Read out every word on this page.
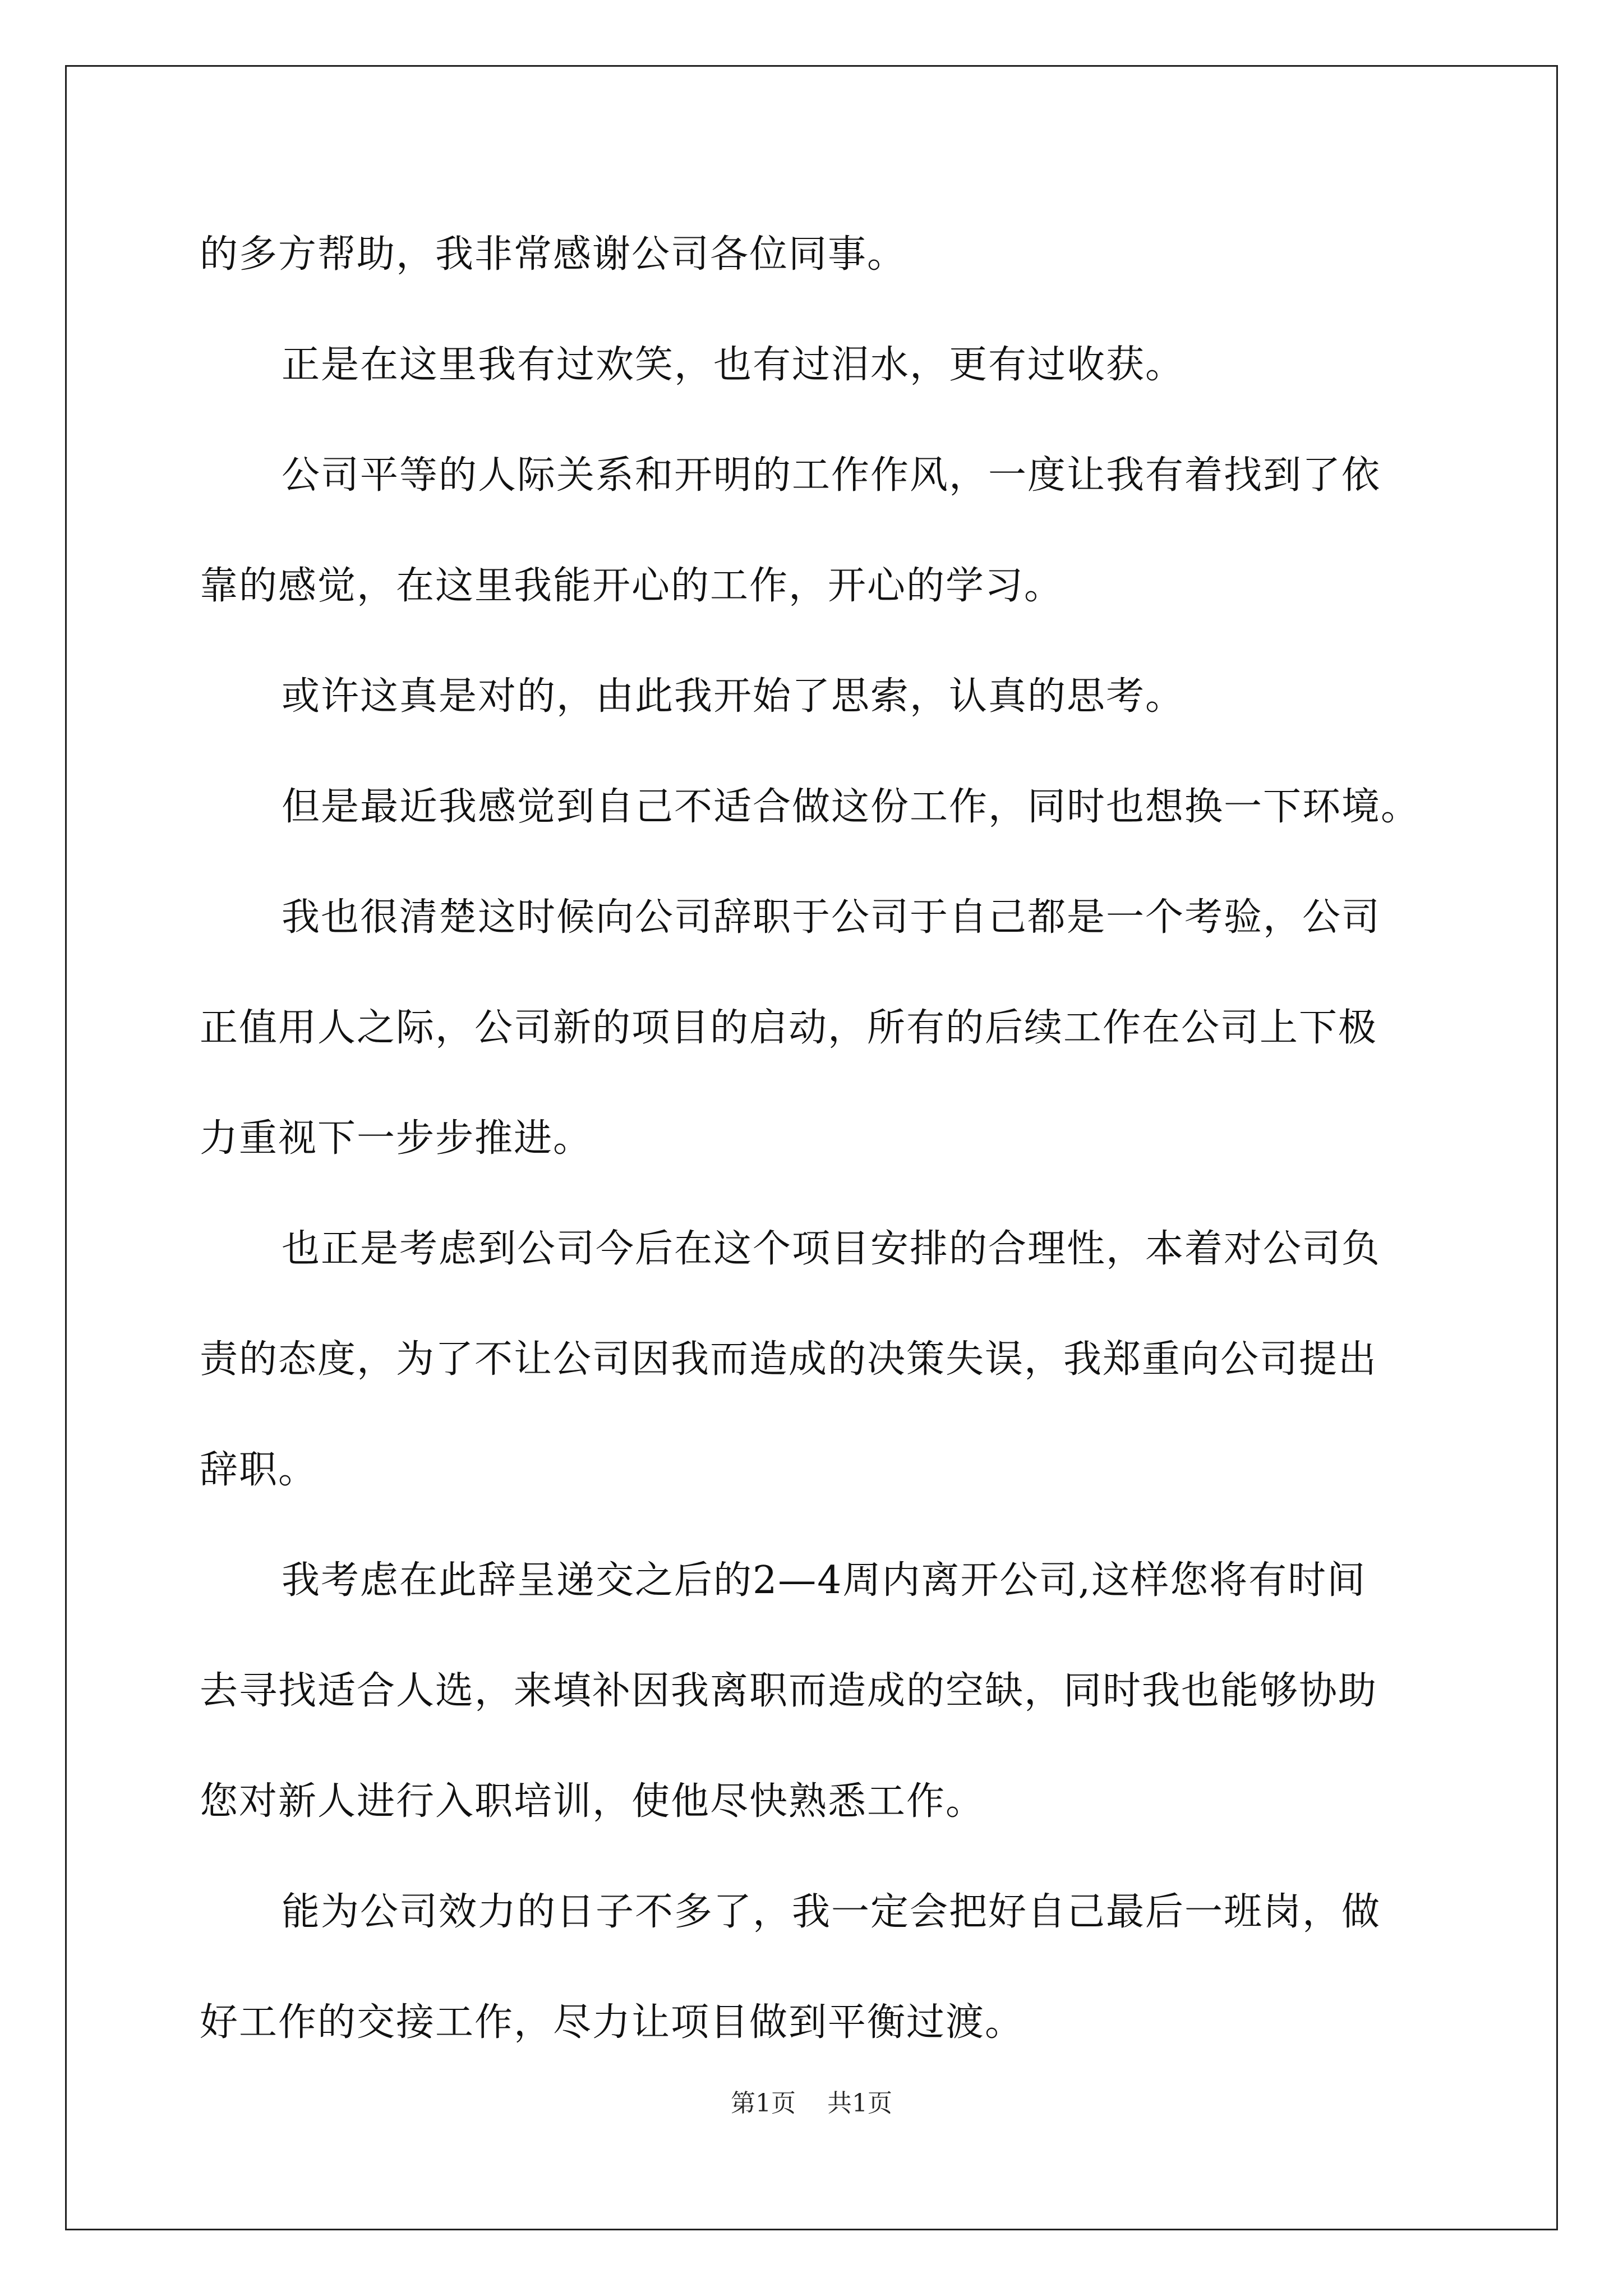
的多方帮助，我非常感谢公司各位同事。
正是在这里我有过欢笑，也有过泪水，更有过收获。
公司平等的人际关系和开明的工作作风，一度让我有着找到了依
靠的感觉，在这里我能开心的工作，开心的学习。
或许这真是对的，由此我开始了思索，认真的思考。
但是最近我感觉到自己不适合做这份工作，同时也想换一下环境。
我也很清楚这时候向公司辞职于公司于自己都是一个考验，公司
正值用人之际，公司新的项目的启动，所有的后续工作在公司上下极
力重视下一步步推进。
也正是考虑到公司今后在这个项目安排的合理性，本着对公司负
责的态度，为了不让公司因我而造成的决策失误，我郑重向公司提出
辞职。
我考虑在此辞呈递交之后的2—4周内离开公司,这样您将有时间
去寻找适合人选，来填补因我离职而造成的空缺，同时我也能够协助
您对新人进行入职培训，使他尽快熟悉工作。
能为公司效力的日子不多了，我一定会把好自己最后一班岗，做
好工作的交接工作，尽力让项目做到平衡过渡。
第1页 共1页
